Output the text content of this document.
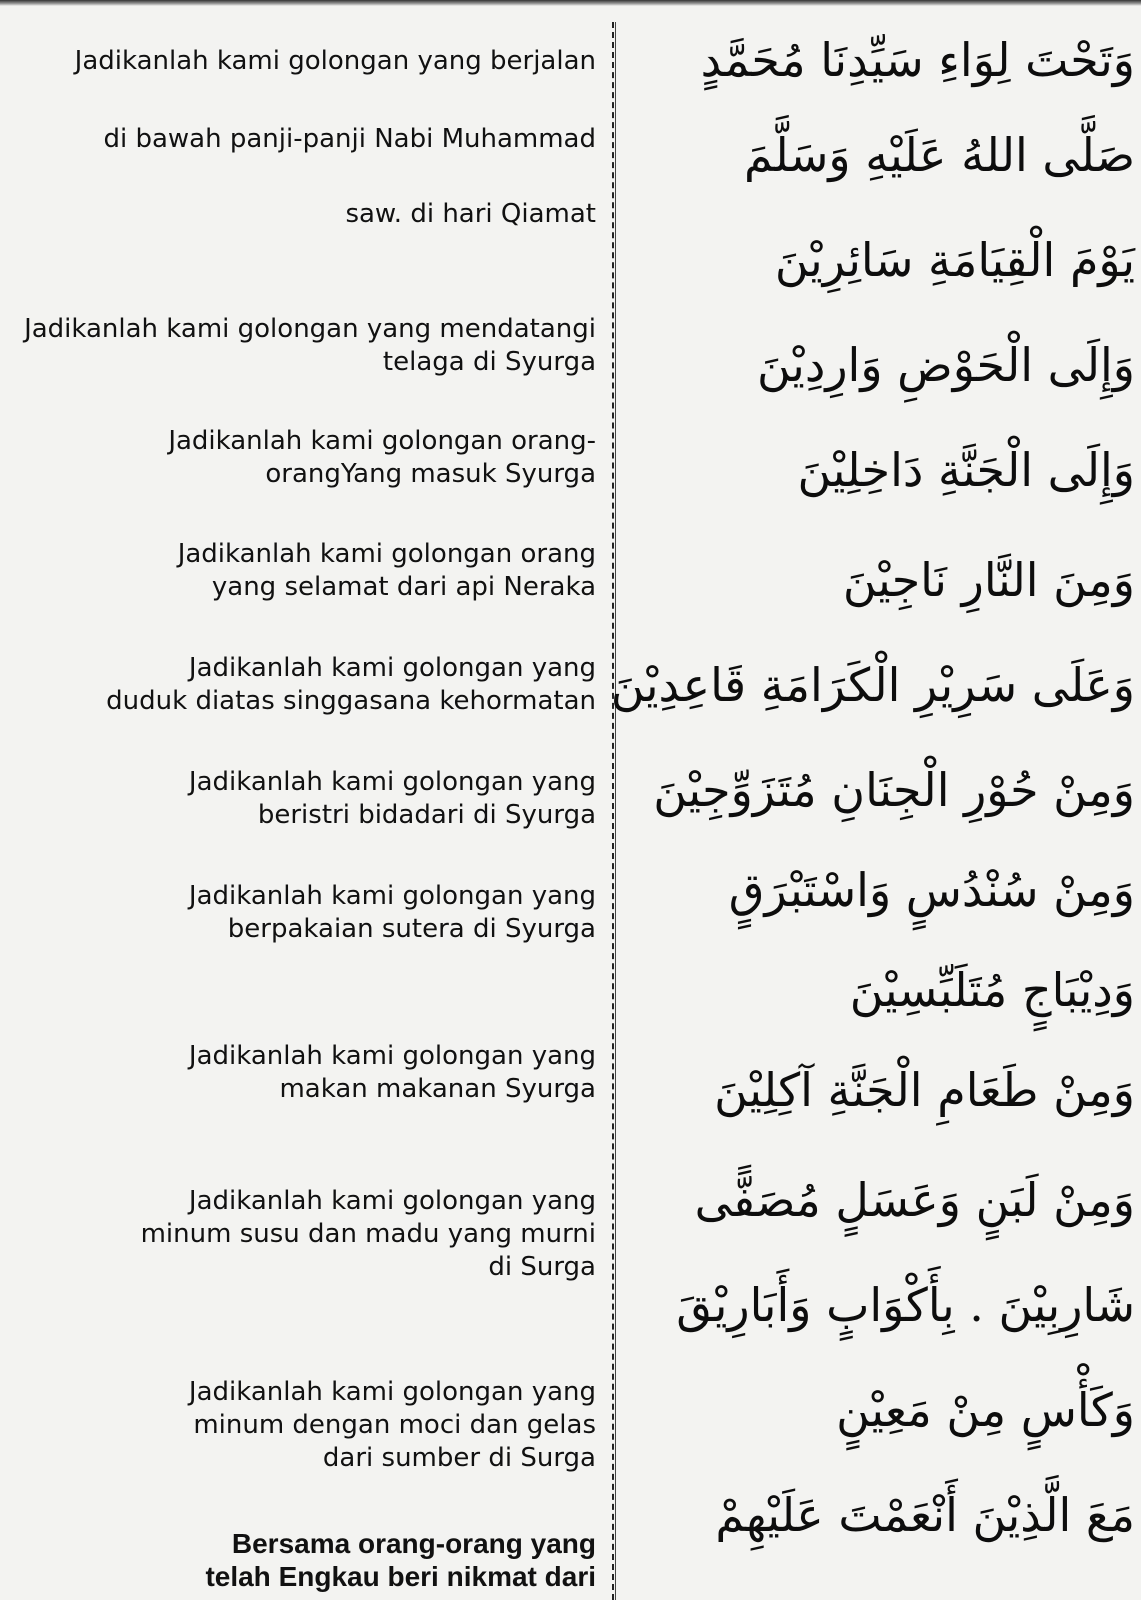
Jadikanlah kami golongan yang berjalan
di bawah panji-panji Nabi Muhammad
saw. di hari Qiamat
Jadikanlah kami golongan yang mendatangi
telaga di Syurga
Jadikanlah kami golongan orang-
orangYang masuk Syurga
Jadikanlah kami golongan orang
yang selamat dari api Neraka
Jadikanlah kami golongan yang
duduk diatas singgasana kehormatan
Jadikanlah kami golongan yang
beristri bidadari di Syurga
Jadikanlah kami golongan yang
berpakaian sutera di Syurga
Jadikanlah kami golongan yang
makan makanan Syurga
Jadikanlah kami golongan yang
minum susu dan madu yang murni
di Surga
Jadikanlah kami golongan yang
minum dengan moci dan gelas
dari sumber di Surga
Bersama orang-orang yang
telah Engkau beri nikmat dari
وَتَحْتَ لِوَاءِ سَيِّدِنَا مُحَمَّدٍ
صَلَّى اللهُ عَلَيْهِ وَسَلَّمَ
يَوْمَ الْقِيَامَةِ سَائِرِيْنَ
وَإِلَى الْحَوْضِ وَارِدِيْنَ
وَإِلَى الْجَنَّةِ دَاخِلِيْنَ
وَمِنَ النَّارِ نَاجِيْنَ
وَعَلَى سَرِيْرِ الْكَرَامَةِ قَاعِدِيْنَ
وَمِنْ حُوْرِ الْجِنَانِ مُتَزَوِّجِيْنَ
وَمِنْ سُنْدُسٍ وَاسْتَبْرَقٍ
وَدِيْبَاجٍ مُتَلَبِّسِيْنَ
وَمِنْ طَعَامِ الْجَنَّةِ آكِلِيْنَ
وَمِنْ لَبَنٍ وَعَسَلٍ مُصَفًّى
شَارِبِيْنَ . بِأَكْوَابٍ وَأَبَارِيْقَ
وَكَأْسٍ مِنْ مَعِيْنٍ
مَعَ الَّذِيْنَ أَنْعَمْتَ عَلَيْهِمْ
